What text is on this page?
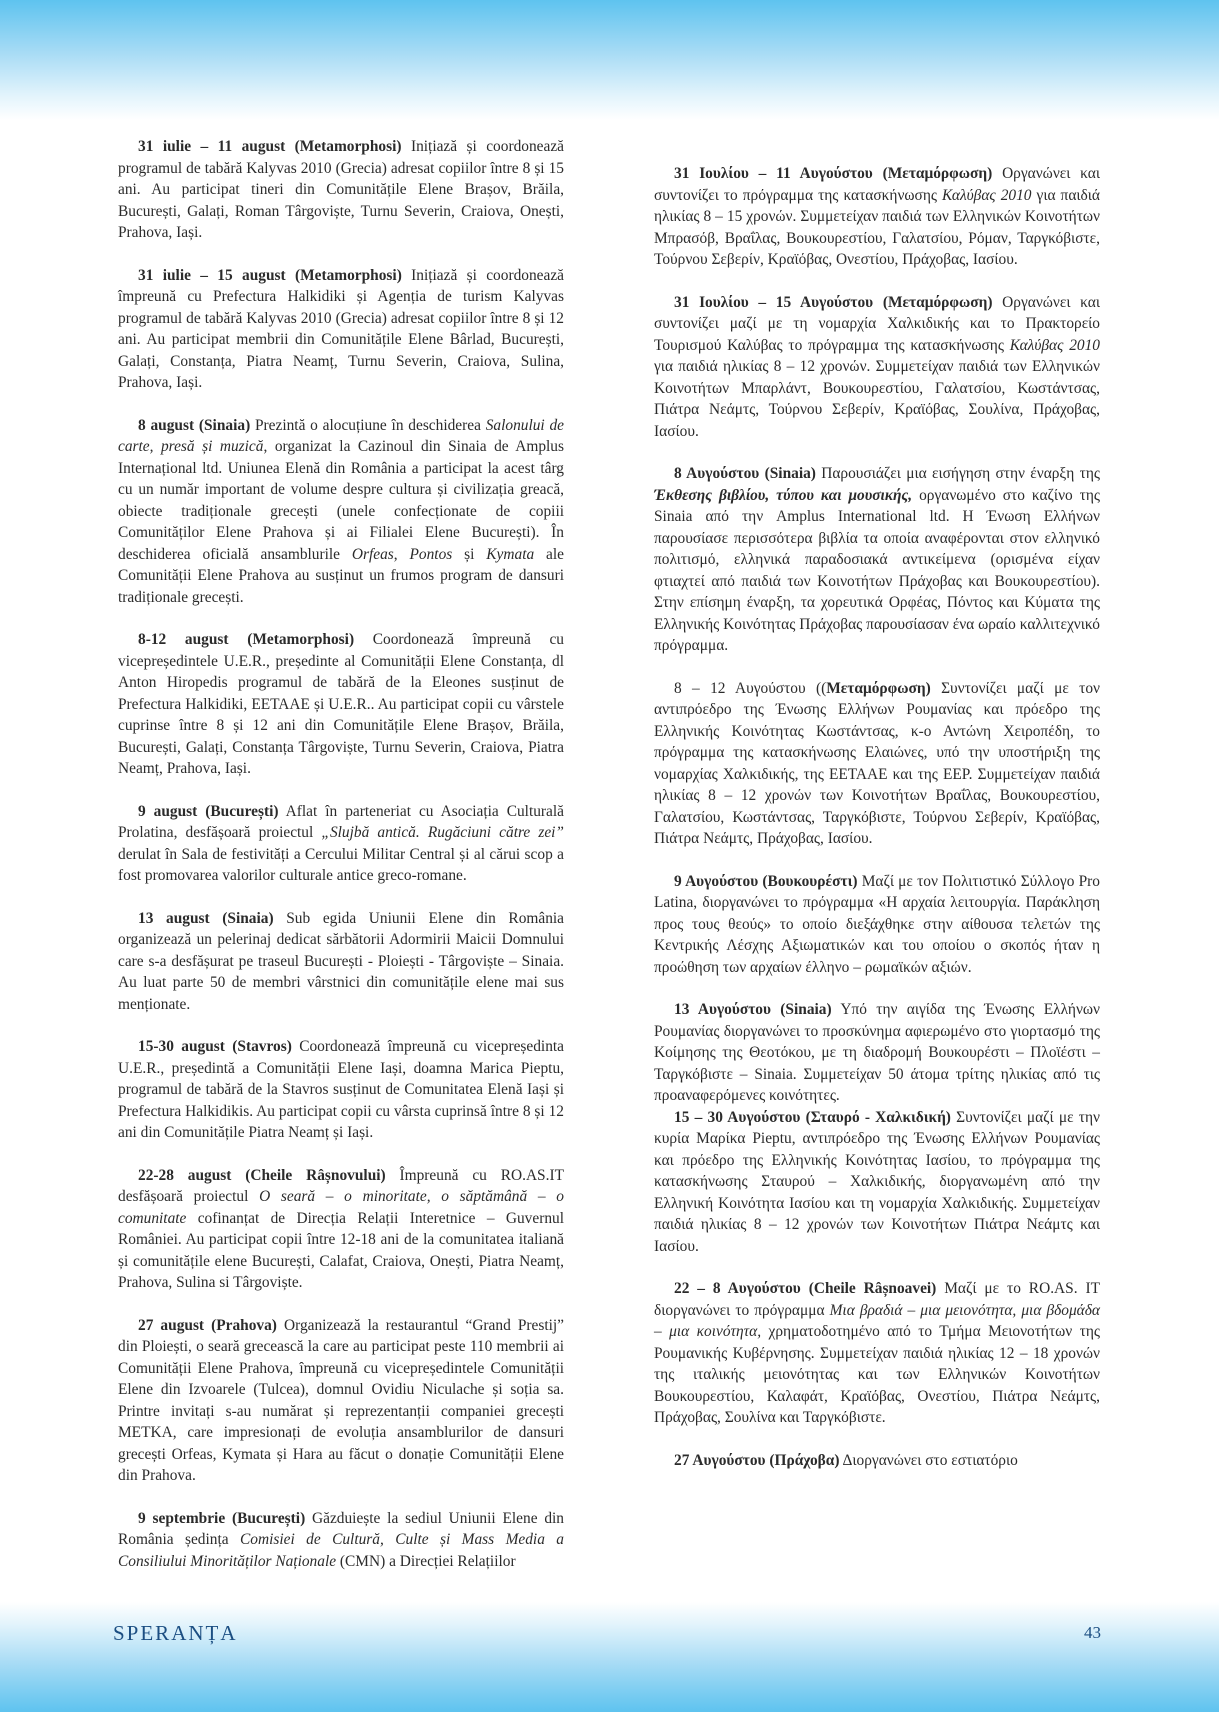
31 iulie – 11 august (Metamorphosi) Inițiază și coordonează programul de tabără Kalyvas 2010 (Grecia) adresat copiilor între 8 și 15 ani. Au participat tineri din Comunitățile Elene Brașov, Brăila, București, Galați, Roman Târgoviște, Turnu Severin, Craiova, Onești, Prahova, Iași.

31 iulie – 15 august (Metamorphosi) Inițiază și coordonează împreună cu Prefectura Halkidiki și Agenția de turism Kalyvas programul de tabără Kalyvas 2010 (Grecia) adresat copiilor între 8 și 12 ani. Au participat membrii din Comunitățile Elene Bârlad, București, Galați, Constanța, Piatra Neamț, Turnu Severin, Craiova, Sulina, Prahova, Iași.

8 august (Sinaia) Prezintă o alocuțiune în deschiderea Salonului de carte, presă și muzică, organizat la Cazinoul din Sinaia de Amplus Internațional ltd. Uniunea Elenă din România a participat la acest târg cu un număr important de volume despre cultura și civilizația greacă, obiecte tradiționale grecești (unele confecționate de copiii Comunităților Elene Prahova și ai Filialei Elene București). În deschiderea oficială ansamblurile Orfeas, Pontos și Kymata ale Comunității Elene Prahova au susținut un frumos program de dansuri tradiționale grecești.

8-12 august (Metamorphosi) Coordonează împreună cu vicepreședintele U.E.R., președinte al Comunității Elene Constanța, dl Anton Hiropedis programul de tabără de la Eleones susținut de Prefectura Halkidiki, EETAAE și U.E.R.. Au participat copii cu vârstele cuprinse între 8 și 12 ani din Comunitățile Elene Brașov, Brăila, București, Galați, Constanța Târgoviște, Turnu Severin, Craiova, Piatra Neamț, Prahova, Iași.

9 august (București) Aflat în parteneriat cu Asociația Culturală Prolatina, desfășoară proiectul „Slujbă antică. Rugăciuni către zei” derulat în Sala de festivități a Cercului Militar Central și al cărui scop a fost promovarea valorilor culturale antice greco-romane.

13 august (Sinaia) Sub egida Uniunii Elene din România organizează un pelerinaj dedicat sărbătorii Adormirii Maicii Domnului care s-a desfășurat pe traseul București - Ploiești - Târgoviște – Sinaia. Au luat parte 50 de membri vârstnici din comunitățile elene mai sus menționate.

15-30 august (Stavros) Coordonează împreună cu vicepreședinta U.E.R., președintă a Comunității Elene Iași, doamna Marica Pieptu, programul de tabără de la Stavros susținut de Comunitatea Elenă Iași și Prefectura Halkidikis. Au participat copii cu vârsta cuprinsă între 8 și 12 ani din Comunitățile Piatra Neamț și Iași.

22-28 august (Cheile Râșnovului) Împreună cu RO.AS.IT desfășoară proiectul O seară – o minoritate, o săptămână – o comunitate cofinanțat de Direcția Relații Interetnice – Guvernul României. Au participat copii între 12-18 ani de la comunitatea italiană și comunitățile elene București, Calafat, Craiova, Onești, Piatra Neamț, Prahova, Sulina si Târgoviște.

27 august (Prahova) Organizează la restaurantul “Grand Prestij” din Ploiești, o seară grecească la care au participat peste 110 membrii ai Comunității Elene Prahova, împreună cu vicepreședintele Comunității Elene din Izvoarele (Tulcea), domnul Ovidiu Niculache și soția sa. Printre invitați s-au numărat și reprezentanții companiei grecești METKA, care impresionați de evoluția ansamblurilor de dansuri grecești Orfeas, Kymata și Hara au făcut o donație Comunității Elene din Prahova.

9 septembrie (București) Găzduiește la sediul Uniunii Elene din România ședința Comisiei de Cultură, Culte și Mass Media a Consiliului Minorităților Naționale (CMN) a Direcției Relațiilor

31 Ιουλίου – 11 Αυγούστου (Μεταμόρφωση) Οργανώνει και συντονίζει το πρόγραμμα της κατασκήνωσης Καλύβας 2010 για παιδιά ηλικίας 8 – 15 χρονών. Συμμετείχαν παιδιά των Ελληνικών Κοινοτήτων Μπρασόβ, Βραΐλας, Βουκουρεστίου, Γαλατσίου, Ρόμαν, Ταργκόβιστε, Τούρνου Σεβερίν, Κραϊόβας, Ονεστίου, Πράχοβας, Ιασίου.

31 Ιουλίου – 15 Αυγούστου (Μεταμόρφωση) Οργανώνει και συντονίζει μαζί με τη νομαρχία Χαλκιδικής και το Πρακτορείο Τουρισμού Καλύβας το πρόγραμμα της κατασκήνωσης Καλύβας 2010 για παιδιά ηλικίας 8 – 12 χρονών. Συμμετείχαν παιδιά των Ελληνικών Κοινοτήτων Μπαρλάντ, Βουκουρεστίου, Γαλατσίου, Κωστάντσας, Πιάτρα Νεάμτς, Τούρνου Σεβερίν, Κραϊόβας, Σουλίνα, Πράχοβας, Ιασίου.

8 Αυγούστου (Sinaia) Παρουσιάζει μια εισήγηση στην έναρξη της Έκθεσης βιβλίου, τύπου και μουσικής, οργανωμένο στο καζίνο της Sinaia από την Amplus International ltd. Η Ένωση Ελλήνων παρουσίασε περισσότερα βιβλία τα οποία αναφέρονται στον ελληνικό πολιτισμό, ελληνικά παραδοσιακά αντικείμενα (ορισμένα είχαν φτιαχτεί από παιδιά των Κοινοτήτων Πράχοβας και Βουκουρεστίου). Στην επίσημη έναρξη, τα χορευτικά Ορφέας, Πόντος και Κύματα της Ελληνικής Κοινότητας Πράχοβας παρουσίασαν ένα ωραίο καλλιτεχνικό πρόγραμμα.

8 – 12 Αυγούστου ((Μεταμόρφωση) Συντονίζει μαζί με τον αντιπρόεδρο της Ένωσης Ελλήνων Ρουμανίας και πρόεδρο της Ελληνικής Κοινότητας Κωστάντσας, κ-ο Αντώνη Χειροπέδη, το πρόγραμμα της κατασκήνωσης Ελαιώνες, υπό την υποστήριξη της νομαρχίας Χαλκιδικής, της ΕΕΤΑΑΕ και της ΕΕΡ. Συμμετείχαν παιδιά ηλικίας 8 – 12 χρονών των Κοινοτήτων Βραΐλας, Βουκουρεστίου, Γαλατσίου, Κωστάντσας, Ταργκόβιστε, Τούρνου Σεβερίν, Κραϊόβας, Πιάτρα Νεάμτς, Πράχοβας, Ιασίου.

9 Αυγούστου (Βουκουρέστι) Μαζί με τον Πολιτιστικό Σύλλογο Pro Latina, διοργανώνει το πρόγραμμα «Η αρχαία λειτουργία. Παράκληση προς τους θεούς» το οποίο διεξάχθηκε στην αίθουσα τελετών της Κεντρικής Λέσχης Αξιωματικών και του οποίου ο σκοπός ήταν η προώθηση των αρχαίων έλληνο – ρωμαϊκών αξιών.

13 Αυγούστου (Sinaia) Υπό την αιγίδα της Ένωσης Ελλήνων Ρουμανίας διοργανώνει το προσκύνημα αφιερωμένο στο γιορτασμό της Κοίμησης της Θεοτόκου, με τη διαδρομή Βουκουρέστι – Πλοϊέστι – Ταργκόβιστε – Sinaia. Συμμετείχαν 50 άτομα τρίτης ηλικίας από τις προαναφερόμενες κοινότητες.

15 – 30 Αυγούστου (Σταυρό - Χαλκιδική) Συντονίζει μαζί με την κυρία Μαρίκα Pieptu, αντιπρόεδρο της Ένωσης Ελλήνων Ρουμανίας και πρόεδρο της Ελληνικής Κοινότητας Ιασίου, το πρόγραμμα της κατασκήνωσης Σταυρού – Χαλκιδικής, διοργανωμένη από την Ελληνική Κοινότητα Ιασίου και τη νομαρχία Χαλκιδικής. Συμμετείχαν παιδιά ηλικίας 8 – 12 χρονών των Κοινοτήτων Πιάτρα Νεάμτς και Ιασίου.

22 – 8 Αυγούστου (Cheile Râșnoavei) Μαζί με το RO.AS. IT διοργανώνει το πρόγραμμα Μια βραδιά – μια μειονότητα, μια βδομάδα – μια κοινότητα, χρηματοδοτημένο από το Τμήμα Μειονοτήτων της Ρουμανικής Κυβέρνησης. Συμμετείχαν παιδιά ηλικίας 12 – 18 χρονών της ιταλικής μειονότητας και των Ελληνικών Κοινοτήτων Βουκουρεστίου, Καλαφάτ, Κραϊόβας, Ονεστίου, Πιάτρα Νεάμτς, Πράχοβας, Σουλίνα και Ταργκόβιστε.

27 Αυγούστου (Πράχοβα) Διοργανώνει στο εστιατόριο

SPERANȚA	43
